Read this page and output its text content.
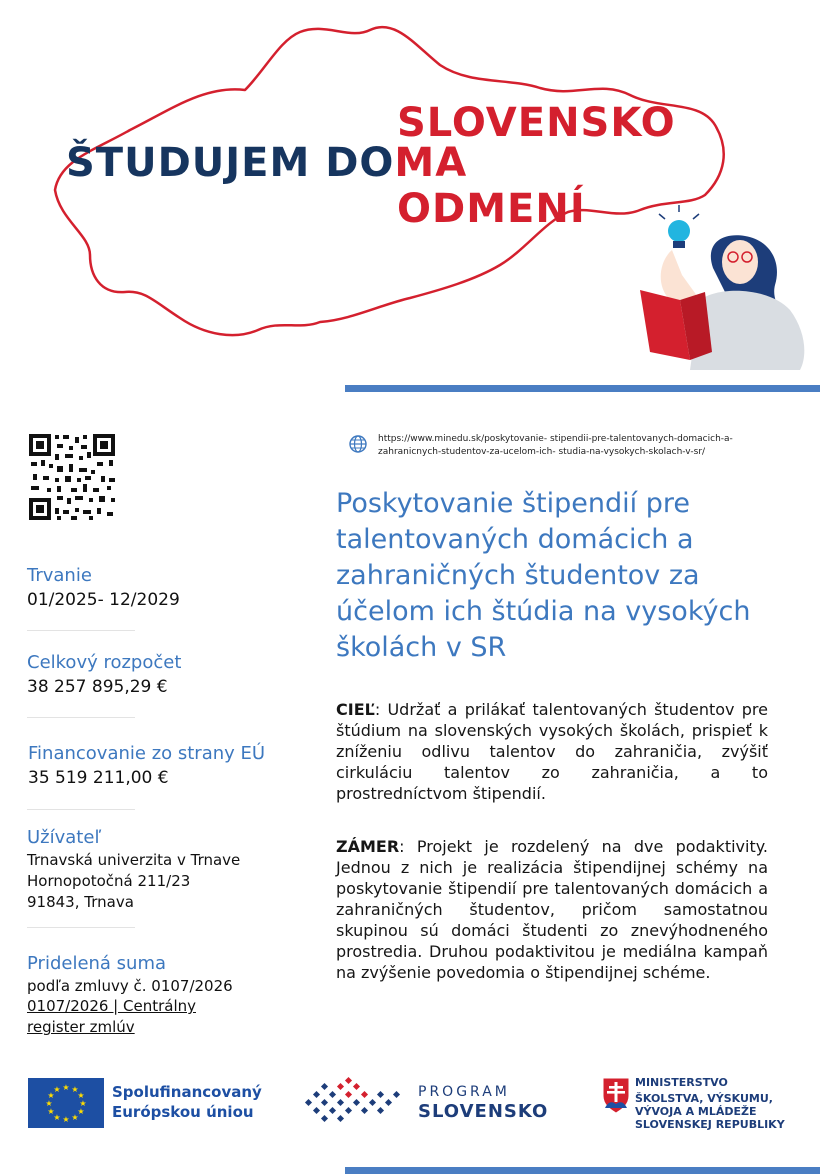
SLOVENSKO
ŠTUDUJEM DOMA
ODMENÍ
Trvanie
01/2025- 12/2029
Celkový rozpočet
38 257 895,29 €
Financovanie zo strany EÚ
35 519 211,00 €
Užívateľ
Trnavská univerzita v Trnave
Hornopotočná 211/23
91843, Trnava
Pridelená suma
podľa zmluvy č. 0107/2026
0107/2026 | Centrálny
register zmlúv
https://www.minedu.sk/poskytovanie- stipendii-pre-talentovanych-domacich-a-
zahranicnych-studentov-za-ucelom-ich- studia-na-vysokych-skolach-v-sr/
Poskytovanie štipendií pre talentovaných domácich a zahraničných študentov za účelom ich štúdia na vysokých školách v SR
CIEĽ: Udržať a prilákať talentovaných študentov pre štúdium na slovenských vysokých školách, prispieť k zníženiu odlivu talentov do zahraničia, zvýšiť cirkuláciu talentov zo zahraničia, a to prostredníctvom štipendií.
ZÁMER: Projekt je rozdelený na dve podaktivity. Jednou z nich je realizácia štipendijnej schémy na poskytovanie štipendií pre talentovaných domácich a zahraničných študentov, pričom samostatnou skupinou sú domáci študenti zo znevýhodneného prostredia. Druhou podaktivitou je mediálna kampaň na zvýšenie povedomia o štipendijnej schéme.
★ ★
★
★
★
★
★
★
★
★
★
★	Spolufinancovaný
Európskou úniou
PROGRAM
SLOVENSKO
MINISTERSTVO
ŠKOLSTVA, VÝSKUMU,
VÝVOJA A MLÁDEŽE
SLOVENSKEJ REPUBLIKY
